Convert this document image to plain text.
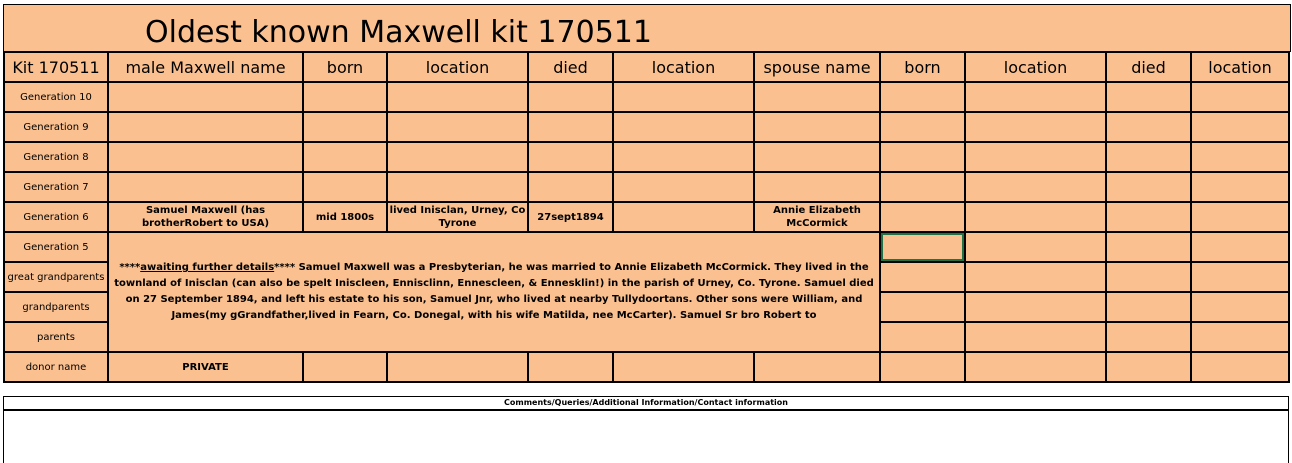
Oldest known Maxwell kit 170511
Kit 170511	male Maxwell name	born	location	died	location	spouse name	born	location	died	location
Generation 10										
Generation 9										
Generation 8										
Generation 7										
Generation 6	Samuel Maxwell (has brotherRobert to USA)	mid 1800s	lived Inisclan, Urney, Co Tyrone	27sept1894		Annie Elizabeth McCormick				
Generation 5	****awaiting further details**** Samuel Maxwell was a Presbyterian, he was married to Annie Elizabeth McCormick. They lived in the townland of Inisclan (can also be spelt Iniscleen, Ennisclinn, Ennescleen, & Ennesklin!) in the parish of Urney, Co. Tyrone. Samuel died on 27 September 1894, and left his estate to his son, Samuel Jnr, who lived at nearby Tullydoortans. Other sons were William, and James(my gGrandfather,lived in Fearn, Co. Donegal, with his wife Matilda, nee McCarter). Samuel Sr bro Robert to									
great grandparents										
grandparents										
parents										
donor name	PRIVATE									
Comments/Queries/Additional Information/Contact information
